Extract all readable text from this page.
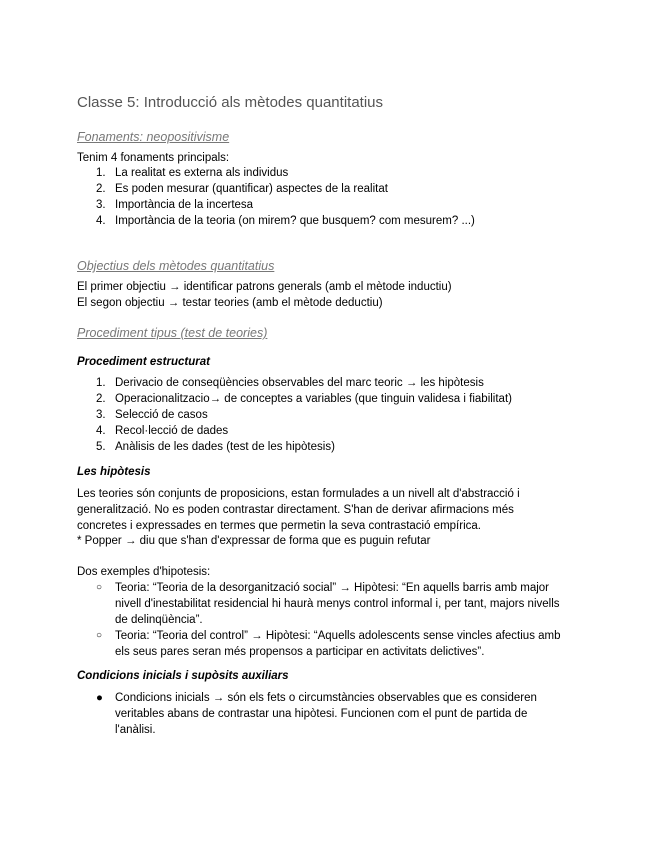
Classe 5: Introducció als mètodes quantitatius
Fonaments: neopositivisme
Tenim 4 fonaments principals:
1. La realitat es externa als individus
2. Es poden mesurar (quantificar) aspectes de la realitat
3. Importància de la incertesa
4. Importància de la teoria (on mirem? que busquem? com mesurem? ...)
Objectius dels mètodes quantitatius
El primer objectiu → identificar patrons generals (amb el mètode inductiu)
El segon objectiu → testar teories (amb el mètode deductiu)
Procediment tipus (test de teories)
Procediment estructurat
1. Derivacio de conseqüències observables del marc teoric → les hipòtesis
2. Operacionalitzacio→ de conceptes a variables (que tinguin validesa i fiabilitat)
3. Selecció de casos
4. Recol·lecció de dades
5. Anàlisis de les dades (test de les hipòtesis)
Les hipòtesis
Les teories són conjunts de proposicions, estan formulades a un nivell alt d'abstracció i generalització. No es poden contrastar directament. S'han de derivar afirmacions més concretes i expressades en termes que permetin la seva contrastació empírica.
* Popper → diu que s'han d'expressar de forma que es puguin refutar
Dos exemples d'hipotesis:
○ Teoria: “Teoria de la desorganització social” → Hipòtesi: “En aquells barris amb major nivell d'inestabilitat residencial hi haurà menys control informal i, per tant, majors nivells de delinqüència”.
○ Teoria: “Teoria del control” → Hipòtesi: “Aquells adolescents sense vincles afectius amb els seus pares seran més propensos a participar en activitats delictives”.
Condicions inicials i supòsits auxiliars
● Condicions inicials → són els fets o circumstàncies observables que es consideren veritables abans de contrastar una hipòtesi. Funcionen com el punt de partida de l'anàlisi.
